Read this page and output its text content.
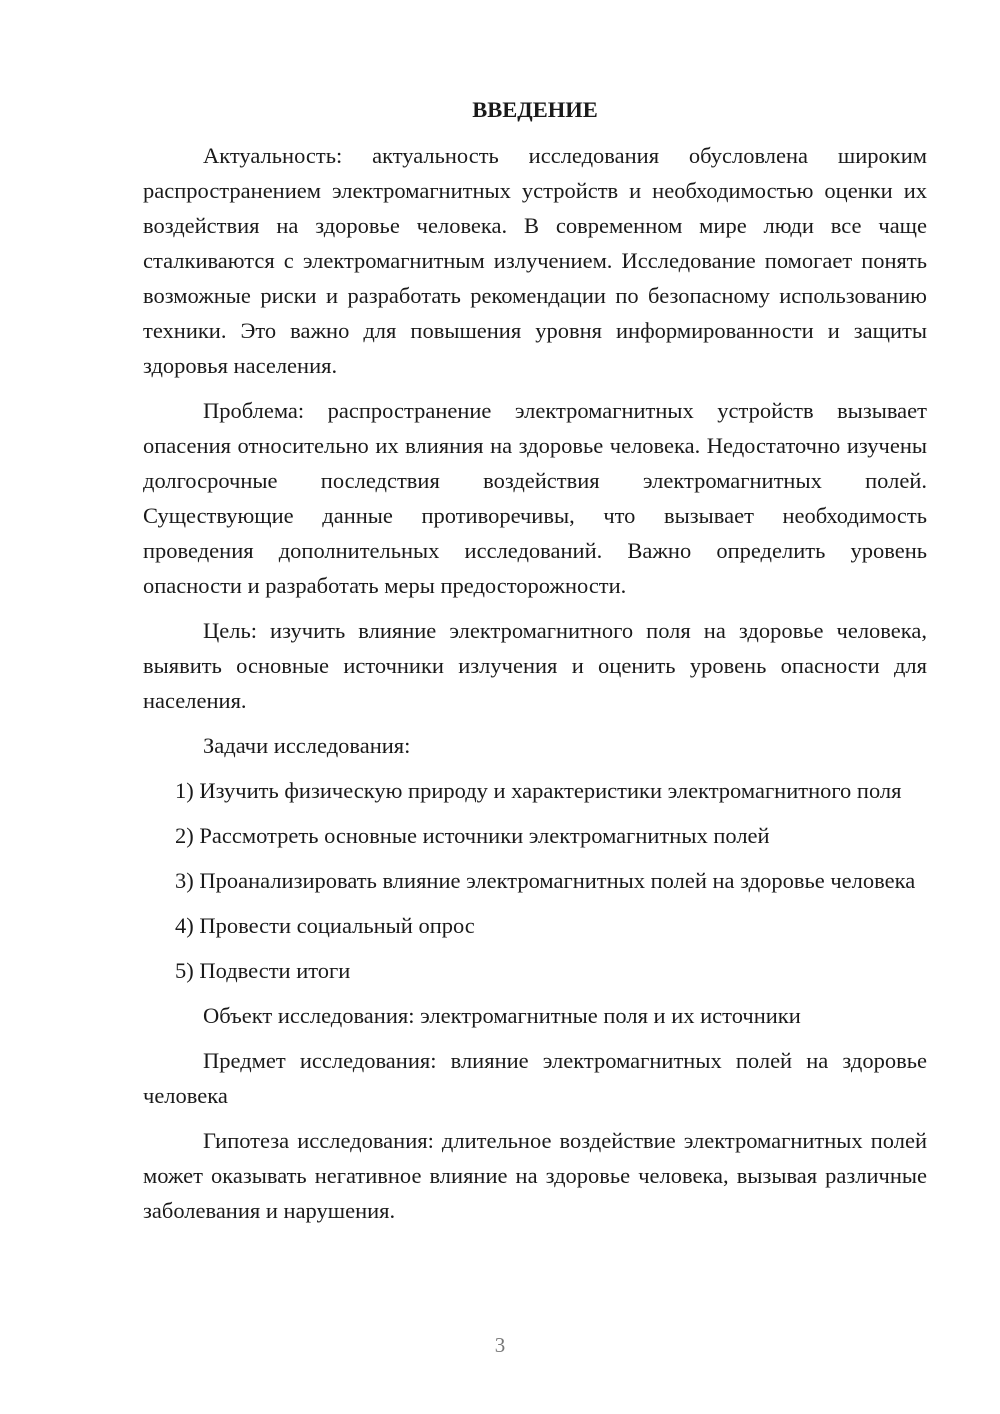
ВВЕДЕНИЕ

Актуальность: актуальность исследования обусловлена широким распространением электромагнитных устройств и необходимостью оценки их воздействия на здоровье человека. В современном мире люди все чаще сталкиваются с электромагнитным излучением. Исследование помогает понять возможные риски и разработать рекомендации по безопасному использованию техники. Это важно для повышения уровня информированности и защиты здоровья населения.

Проблема: распространение электромагнитных устройств вызывает опасения относительно их влияния на здоровье человека. Недостаточно изучены долгосрочные последствия воздействия электромагнитных полей. Существующие данные противоречивы, что вызывает необходимость проведения дополнительных исследований. Важно определить уровень опасности и разработать меры предосторожности.

Цель: изучить влияние электромагнитного поля на здоровье человека, выявить основные источники излучения и оценить уровень опасности для населения.

Задачи исследования:

1) Изучить физическую природу и характеристики электромагнитного поля

2) Рассмотреть основные источники электромагнитных полей

3) Проанализировать влияние электромагнитных полей на здоровье человека

4) Провести социальный опрос

5) Подвести итоги

Объект исследования: электромагнитные поля и их источники

Предмет исследования: влияние электромагнитных полей на здоровье человека

Гипотеза исследования: длительное воздействие электромагнитных полей может оказывать негативное влияние на здоровье человека, вызывая различные заболевания и нарушения.

3
